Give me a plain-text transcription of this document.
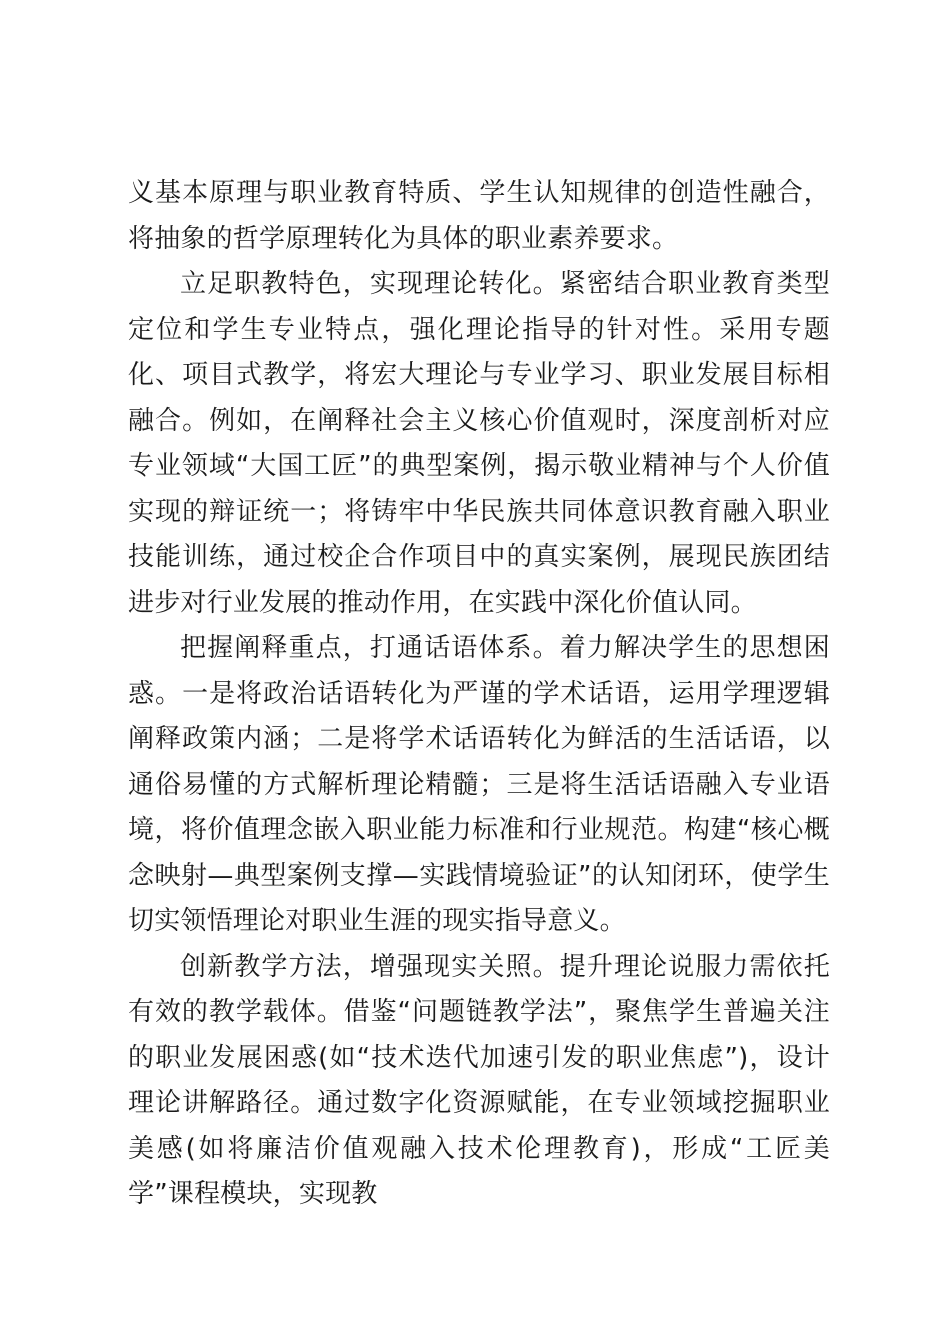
义基本原理与职业教育特质、学生认知规律的创造性融合，将抽象的哲学原理转化为具体的职业素养要求。

立足职教特色，实现理论转化。紧密结合职业教育类型定位和学生专业特点，强化理论指导的针对性。采用专题化、项目式教学，将宏大理论与专业学习、职业发展目标相融合。例如，在阐释社会主义核心价值观时，深度剖析对应专业领域“大国工匠”的典型案例，揭示敬业精神与个人价值实现的辩证统一；将铸牢中华民族共同体意识教育融入职业技能训练，通过校企合作项目中的真实案例，展现民族团结进步对行业发展的推动作用，在实践中深化价值认同。

把握阐释重点，打通话语体系。着力解决学生的思想困惑。一是将政治话语转化为严谨的学术话语，运用学理逻辑阐释政策内涵；二是将学术话语转化为鲜活的生活话语，以通俗易懂的方式解析理论精髓；三是将生活话语融入专业语境，将价值理念嵌入职业能力标准和行业规范。构建“核心概念映射—典型案例支撑—实践情境验证”的认知闭环，使学生切实领悟理论对职业生涯的现实指导意义。

创新教学方法，增强现实关照。提升理论说服力需依托有效的教学载体。借鉴“问题链教学法”，聚焦学生普遍关注的职业发展困惑(如“技术迭代加速引发的职业焦虑”)，设计理论讲解路径。通过数字化资源赋能，在专业领域挖掘职业美感(如将廉洁价值观融入技术伦理教育)，形成“工匠美学”课程模块，实现教
